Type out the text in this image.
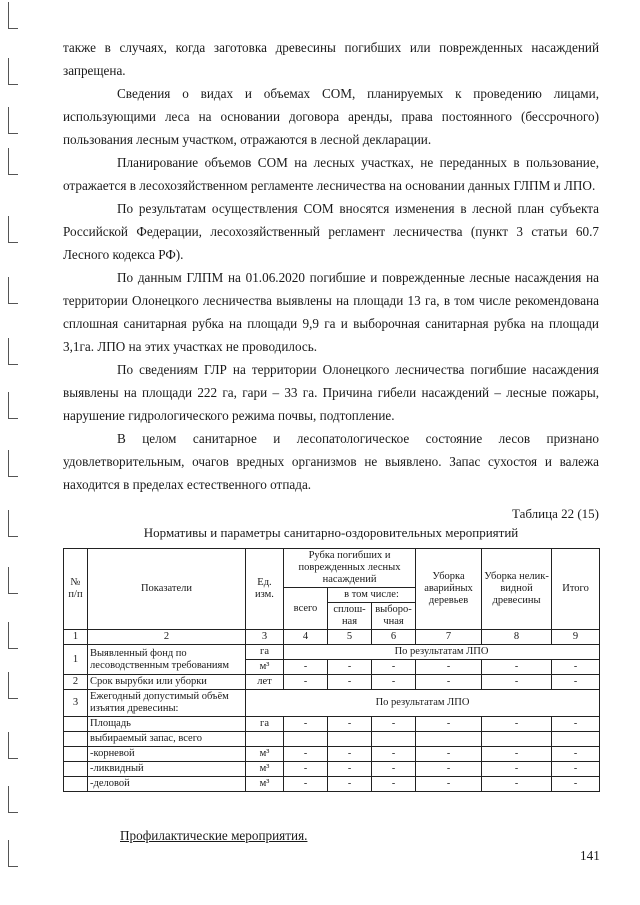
также в случаях, когда заготовка древесины погибших или поврежденных насаждений запрещена.

Сведения о видах и объемах СОМ, планируемых к проведению лицами, использующими леса на основании договора аренды, права постоянного (бессрочного) пользования лесным участком, отражаются в лесной декларации.

Планирование объемов СОМ на лесных участках, не переданных в пользование, отражается в лесохозяйственном регламенте лесничества на основании данных ГЛПМ и ЛПО.

По результатам осуществления СОМ вносятся изменения в лесной план субъекта Российской Федерации, лесохозяйственный регламент лесничества (пункт 3 статьи 60.7 Лесного кодекса РФ).

По данным ГЛПМ на 01.06.2020 погибшие и поврежденные лесные насаждения на территории Олонецкого лесничества выявлены на площади 13 га, в том числе рекомендована сплошная санитарная рубка на площади 9,9 га и выборочная санитарная рубка на площади 3,1га. ЛПО на этих участках не проводилось.

По сведениям ГЛР на территории Олонецкого лесничества погибшие насаждения выявлены на площади 222 га, гари – 33 га. Причина гибели насаждений – лесные пожары, нарушение гидрологического режима почвы, подтопление.

В целом санитарное и лесопатологическое состояние лесов признано удовлетворительным, очагов вредных организмов не выявлено. Запас сухостоя и валежа находится в пределах естественного отпада.

Таблица 22 (15)
Нормативы и параметры санитарно-оздоровительных мероприятий
№ п/п	Показатели	Ед. изм.	Рубка погибших и поврежденных лесных насаждений			Уборка аварийных деревьев	Уборка нелик-видной древесины	Итого
			всего	в том числе:				
				сплош-ная	выборо-чная			
1	2	3	4	5	6	7	8	9
1	Выявленный фонд по лесоводственным требованиям	га	По результатам ЛПО					
		м³	-	-	-	-	-	-
2	Срок вырубки или уборки	лет	-	-	-	-	-	-
3	Ежегодный допустимый объём изъятия древесины:	По результатам ЛПО						
	Площадь	га	-	-	-	-	-	-
	выбираемый запас, всего							
	-корневой	м³	-	-	-	-	-	-
	-ликвидный	м³	-	-	-	-	-	-
	-деловой	м³	-	-	-	-	-	-
Профилактические мероприятия.
141
